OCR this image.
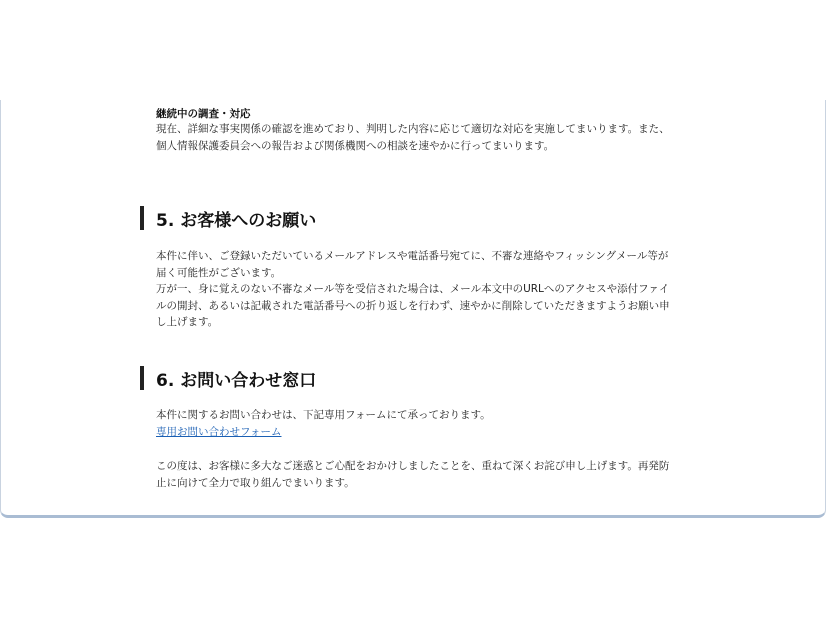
継続中の調査・対応

現在、詳細な事実関係の確認を進めており、判明した内容に応じて適切な対応を実施してまいります。また、個人情報保護委員会への報告および関係機関への相談を速やかに行ってまいります。

5. お客様へのお願い

本件に伴い、ご登録いただいているメールアドレスや電話番号宛てに、不審な連絡やフィッシングメール等が届く可能性がございます。

万が一、身に覚えのない不審なメール等を受信された場合は、メール本文中のURLへのアクセスや添付ファイルの開封、あるいは記載された電話番号への折り返しを行わず、速やかに削除していただきますようお願い申し上げます。

6. お問い合わせ窓口

本件に関するお問い合わせは、下記専用フォームにて承っております。

専用お問い合わせフォーム

この度は、お客様に多大なご迷惑とご心配をおかけしましたことを、重ねて深くお詫び申し上げます。再発防止に向けて全力で取り組んでまいります。
